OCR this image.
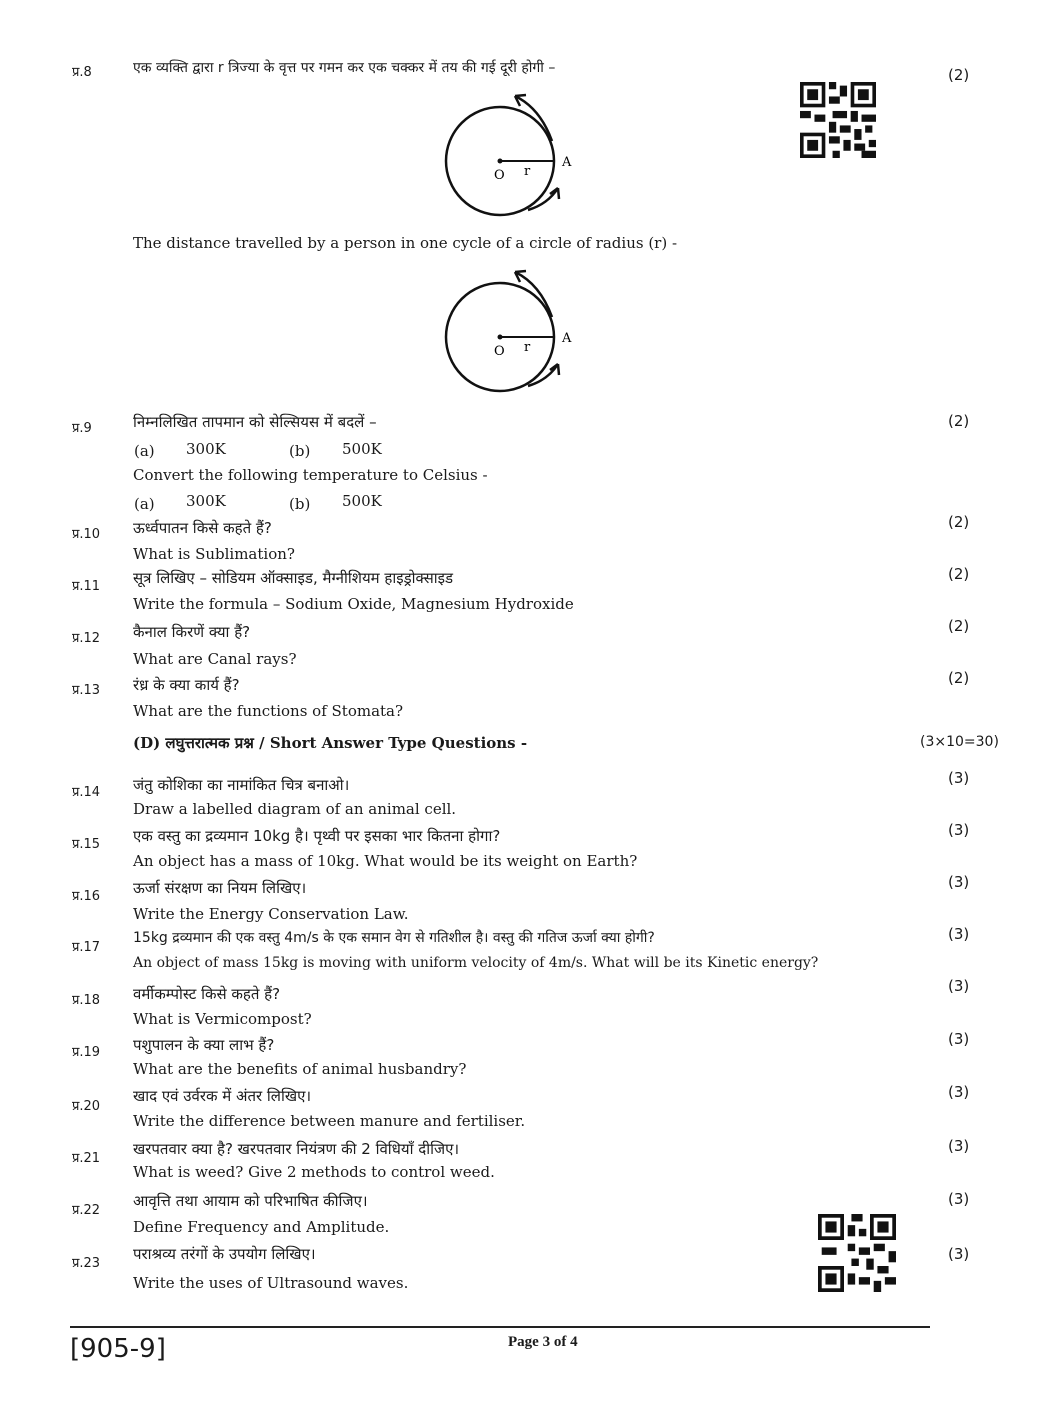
प्र.8	एक व्यक्ति द्वारा r त्रिज्या के वृत्त पर गमन कर एक चक्कर में तय की गई दूरी होगी –	(2)
O r
A
The distance travelled by a person in one cycle of a circle of radius (r) -
O r
A
प्र.9	निम्नलिखित तापमान को सेल्सियस में बदलें –	(2)
(a) 300K	(b) 500K
Convert the following temperature to Celsius -
(a) 300K	(b) 500K
प्र.10 ऊर्ध्वपातन किसे कहते हैं?	(2)
What is Sublimation?
प्र.11 सूत्र लिखिए – सोडियम ऑक्साइड, मैग्नीशियम हाइड्रोक्साइड	(2)
Write the formula – Sodium Oxide, Magnesium Hydroxide
प्र.12 कैनाल किरणें क्या हैं?	(2)
What are Canal rays?
प्र.13 रंध्र के क्या कार्य हैं?	(2)
What are the functions of Stomata?
(D) लघुत्तरात्मक प्रश्न / Short Answer Type Questions -	(3×10=30)
प्र.14 जंतु कोशिका का नामांकित चित्र बनाओ।	(3)
Draw a labelled diagram of an animal cell.
प्र.15 एक वस्तु का द्रव्यमान 10kg है। पृथ्वी पर इसका भार कितना होगा?	(3)
An object has a mass of 10kg. What would be its weight on Earth?
प्र.16 ऊर्जा संरक्षण का नियम लिखिए।	(3)
Write the Energy Conservation Law.
प्र.17
15kg द्रव्यमान की एक वस्तु 4m/s के एक समान वेग से गतिशील है। वस्तु की गतिज ऊर्जा क्या होगी?	(3)
An object of mass 15kg is moving with uniform velocity of 4m/s. What will be its Kinetic energy?
प्र.18 वर्मीकम्पोस्ट किसे कहते हैं?	(3)
What is Vermicompost?
प्र.19 पशुपालन के क्या लाभ हैं?	(3)
What are the benefits of animal husbandry?
प्र.20
खाद एवं उर्वरक में अंतर लिखिए।	(3)
Write the difference between manure and fertiliser.
प्र.21
खरपतवार क्या है? खरपतवार नियंत्रण की 2 विधियाँ दीजिए।	(3)
What is weed? Give 2 methods to control weed.
प्र.22
आवृत्ति तथा आयाम को परिभाषित कीजिए।	(3)
Define Frequency and Amplitude.
प्र.23
पराश्रव्य तरंगों के उपयोग लिखिए।	(3)
Write the uses of Ultrasound waves.
[905-9]	Page 3 of 4
